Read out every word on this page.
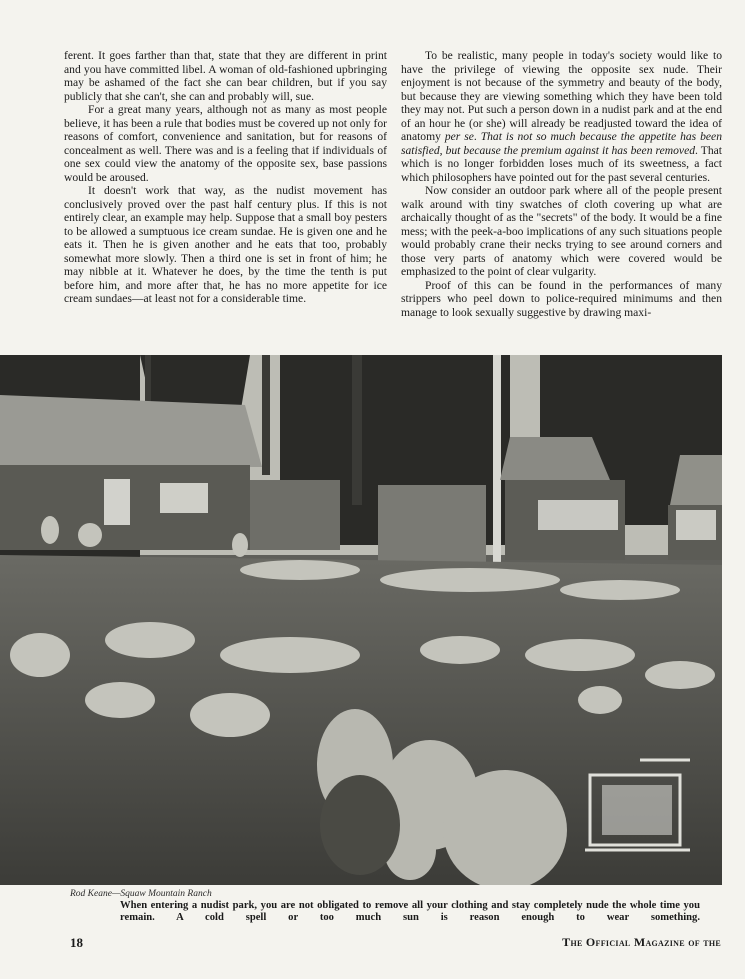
ferent. It goes farther than that, state that they are different in print and you have committed libel. A woman of old-fashioned upbringing may be ashamed of the fact she can bear children, but if you say publicly that she can't, she can and probably will, sue.

For a great many years, although not as many as most people believe, it has been a rule that bodies must be covered up not only for reasons of comfort, convenience and sanitation, but for reasons of concealment as well. There was and is a feeling that if individuals of one sex could view the anatomy of the opposite sex, base passions would be aroused.

It doesn't work that way, as the nudist movement has conclusively proved over the past half century plus. If this is not entirely clear, an example may help. Suppose that a small boy pesters to be allowed a sumptuous ice cream sundae. He is given one and he eats it. Then he is given another and he eats that too, probably somewhat more slowly. Then a third one is set in front of him; he may nibble at it. Whatever he does, by the time the tenth is put before him, and more after that, he has no more appetite for ice cream sundaes—at least not for a considerable time.

To be realistic, many people in today's society would like to have the privilege of viewing the opposite sex nude. Their enjoyment is not because of the symmetry and beauty of the body, but because they are viewing something which they have been told they may not. Put such a person down in a nudist park and at the end of an hour he (or she) will already be readjusted toward the idea of anatomy per se. That is not so much because the appetite has been satisfied, but because the premium against it has been removed. That which is no longer forbidden loses much of its sweetness, a fact which philosophers have pointed out for the past several centuries.

Now consider an outdoor park where all of the people present walk around with tiny swatches of cloth covering up what are archaically thought of as the "secrets" of the body. It would be a fine mess; with the peek-a-boo implications of any such situations people would probably crane their necks trying to see around corners and those very parts of anatomy which were covered would be emphasized to the point of clear vulgarity.

Proof of this can be found in the performances of many strippers who peel down to police-required minimums and then manage to look sexually suggestive by drawing maxi-

Rod Keane—Squaw Mountain Ranch
When entering a nudist park, you are not obligated to remove all your clothing and stay completely nude the whole time you remain. A cold spell or too much sun is reason enough to wear something.
18	The Official Magazine of the
